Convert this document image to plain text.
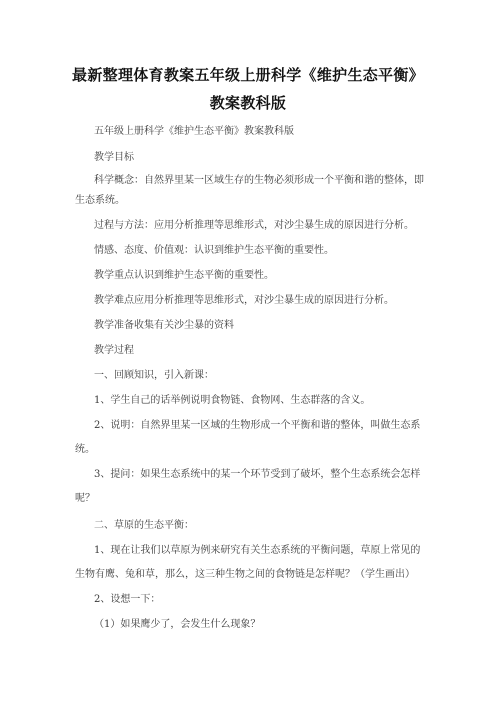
最新整理体育教案五年级上册科学《维护生态平衡》
教案教科版
五年级上册科学《维护生态平衡》教案教科版
教学目标
科学概念：自然界里某一区域生存的生物必须形成一个平衡和谐的整体，即
生态系统。
过程与方法：应用分析推理等思维形式，对沙尘暴生成的原因进行分析。
情感、态度、价值观：认识到维护生态平衡的重要性。
教学重点认识到维护生态平衡的重要性。
教学难点应用分析推理等思维形式，对沙尘暴生成的原因进行分析。
教学准备收集有关沙尘暴的资料
教学过程
一、回顾知识，引入新课：
1、学生自己的话举例说明食物链、食物网、生态群落的含义。
2、说明：自然界里某一区域的生物形成一个平衡和谐的整体，叫做生态系
统。
3、提问：如果生态系统中的某一个环节受到了破坏，整个生态系统会怎样
呢？
二、草原的生态平衡：
1、现在让我们以草原为例来研究有关生态系统的平衡问题，草原上常见的
生物有鹰、兔和草，那么，这三种生物之间的食物链是怎样呢？（学生画出）
2、设想一下：
（1）如果鹰少了，会发生什么现象？
